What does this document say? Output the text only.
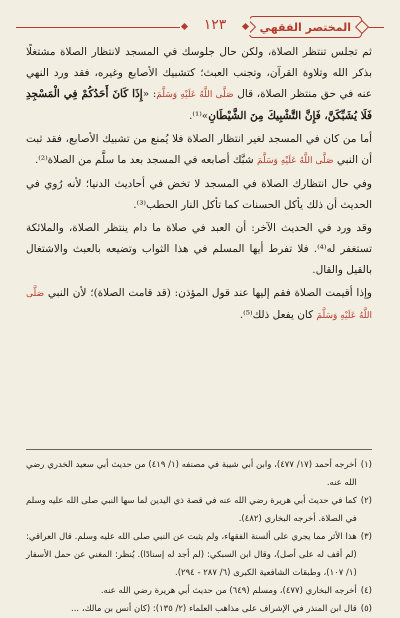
المختصر الفقهي
١٢٣

ثم تجلس تنتظر الصلاة، ولكن حال جلوسك في المسجد لانتظار الصلاة مشتغلًا بذكر الله وتلاوة القرآن، وتجنب العبث؛ كتشبيك الأصابع وغيره، فقد ورد النهي عنه في حق منتظر الصلاة، قال صَلَّى اللَّهُ عَلَيْهِ وَسَلَّمَ: «إِذَا كَانَ أَحَدُكُمْ فِي الْمَسْجِدِ فَلَا يُشَبِّكَنَّ، فَإِنَّ التَّشْبِيكَ مِنَ الشَّيْطَانِ»⁽¹⁾.

أما من كان في المسجد لغير انتظار الصلاة فلا يُمنع من تشبيك الأصابع، فقد ثبت أن النبي صَلَّى اللَّهُ عَلَيْهِ وَسَلَّمَ شبَّك أصابعه في المسجد بعد ما سلَّم من الصلاة⁽²⁾.

وفي حال انتظارك الصلاة في المسجد لا تخض في أحاديث الدنيا؛ لأنه رُوي في الحديث أن ذلك يأكل الحسنات كما تأكل النار الحطب⁽³⁾.

وقد ورد في الحديث الآخر: أن العبد في صلاة ما دام ينتظر الصلاة، والملائكة تستغفر له⁽⁴⁾. فلا تفرط أيها المسلم في هذا الثواب وتضيعه بالعبث والاشتغال بالقيل والقال.

وإذا أقيمت الصلاة فقم إليها عند قول المؤذن: (قد قامت الصلاة)؛ لأن النبي صَلَّى اللَّهُ عَلَيْهِ وَسَلَّمَ كان يفعل ذلك⁽⁵⁾.

(١)
أخرجه أحمد (١٧/ ٤٧٧)، وابن أبي شيبة في مصنفه (١/ ٤١٩) من حديث أبي سعيد الخدري رضي الله عنه.
(٢)
كما في حديث أبي هريرة رضي الله عنه في قصة ذي اليدين لما سها النبي صلى الله عليه وسلم في الصلاة. أخرجه البخاري (٤٨٢).
(٣)
هذا الأثر مما يجري على ألسنة الفقهاء، ولم يثبت عن النبي صلى الله عليه وسلم. قال العراقي: (لم أقف له على أصل)، وقال ابن السبكي: (لم أجد له إسنادًا). يُنظر: المغني عن حمل الأسفار (١/ ١٠٧)، وطبقات الشافعية الكبرى (٦/ ٢٨٧ - ٢٩٤).
(٤)
أخرجه البخاري (٤٧٧)، ومسلم (٦٤٩) من حديث أبي هريرة رضي الله عنه.
(٥)
قال ابن المنذر في الإشراف على مذاهب العلماء (٢/ ١٣٥): (كان أنس بن مالك، ...
